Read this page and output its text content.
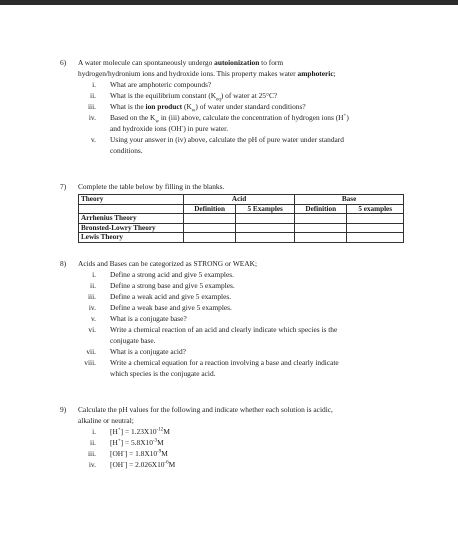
6) A water molecule can spontaneously undergo autoionization to form
hydrogen/hydronium ions and hydroxide ions. This property makes water amphoteric;
i. What are amphoteric compounds?
ii. What is the equilibrium constant $(K_{eq})$ of water at 25°C?
iii. What is the ion product $(K_w)$ of water under standard conditions?
iv. Based on the $K_w$ in (iii) above, calculate the concentration of hydrogen ions (H+)
and hydroxide ions (OH-) in pure water.
v. Using your answer in (iv) above, calculate the pH of pure water under standard
conditions.
7) Complete the table below by filling in the blanks.
Theory	Acid		Base	
	Definition	5 Examples	Definition	5 examples
Arrhenius Theory				
Bronsted-Lowry Theory				
Lewis Theory				
8) Acids and Bases can be categorized as STRONG or WEAK;
i. Define a strong acid and give 5 examples.
ii. Define a strong base and give 5 examples.
iii. Define a weak acid and give 5 examples.
iv. Define a weak base and give 5 examples.
v. What is a conjugate base?
vi. Write a chemical reaction of an acid and clearly indicate which species is the
conjugate base.
vii. What is a conjugate acid?
viii. Write a chemical equation for a reaction involving a base and clearly indicate
which species is the conjugate acid.
9) Calculate the pH values for the following and indicate whether each solution is acidic,
alkaline or neutral;
i. $[H^+] = 1.23X10^{-12}M$
ii. $[H^+] = 5.8X10^{-3}M$
iii. $[OH^-] = 1.8X10^{-9}M$
iv. $[OH^-] = 2.026X10^{-6}M$
